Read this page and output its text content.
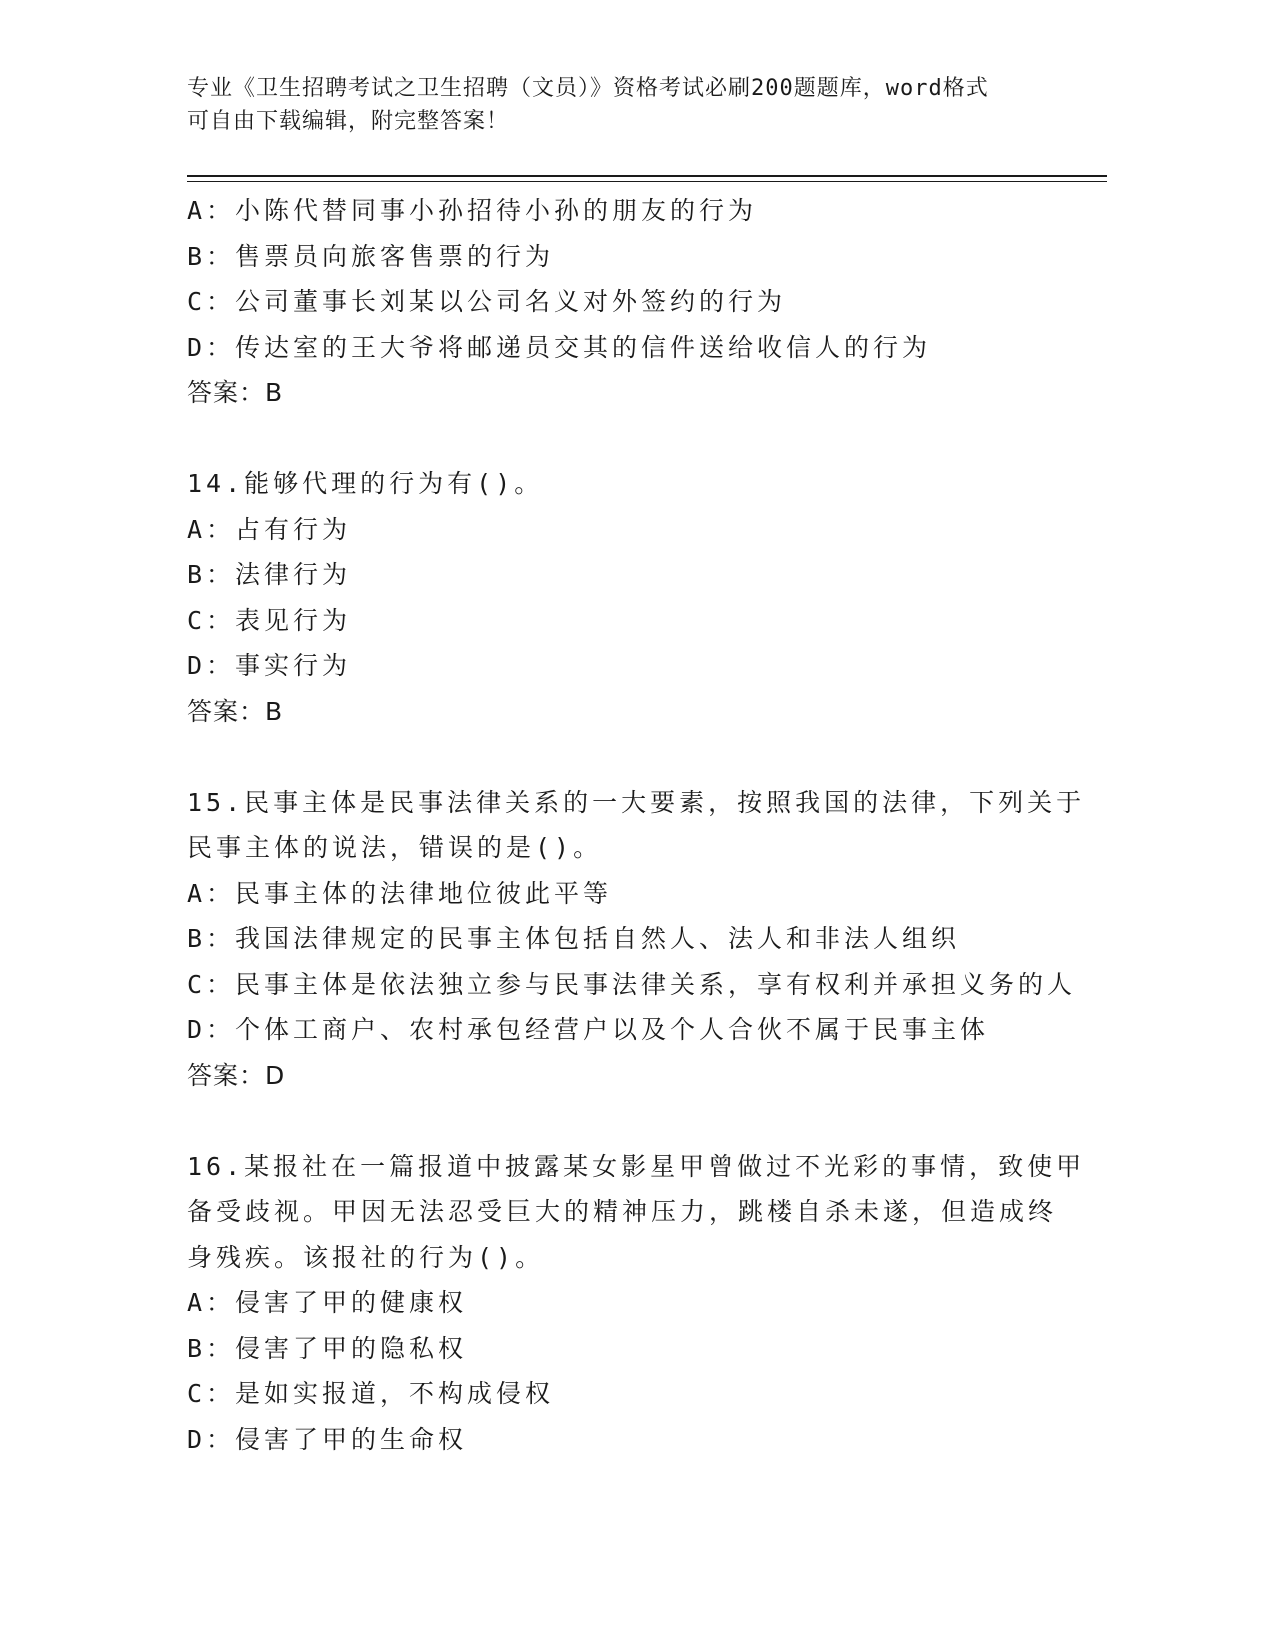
专业《卫生招聘考试之卫生招聘（文员）》资格考试必刷200题题库，word格式
可自由下载编辑，附完整答案！
A：小陈代替同事小孙招待小孙的朋友的行为
B：售票员向旅客售票的行为
C：公司董事长刘某以公司名义对外签约的行为
D：传达室的王大爷将邮递员交其的信件送给收信人的行为
答案：B
14.能够代理的行为有()。
A：占有行为
B：法律行为
C：表见行为
D：事实行为
答案：B
15.民事主体是民事法律关系的一大要素，按照我国的法律，下列关于
民事主体的说法，错误的是()。
A：民事主体的法律地位彼此平等
B：我国法律规定的民事主体包括自然人、法人和非法人组织
C：民事主体是依法独立参与民事法律关系，享有权利并承担义务的人
D：个体工商户、农村承包经营户以及个人合伙不属于民事主体
答案：D
16.某报社在一篇报道中披露某女影星甲曾做过不光彩的事情，致使甲
备受歧视。甲因无法忍受巨大的精神压力，跳楼自杀未遂，但造成终
身残疾。该报社的行为()。
A：侵害了甲的健康权
B：侵害了甲的隐私权
C：是如实报道，不构成侵权
D：侵害了甲的生命权
